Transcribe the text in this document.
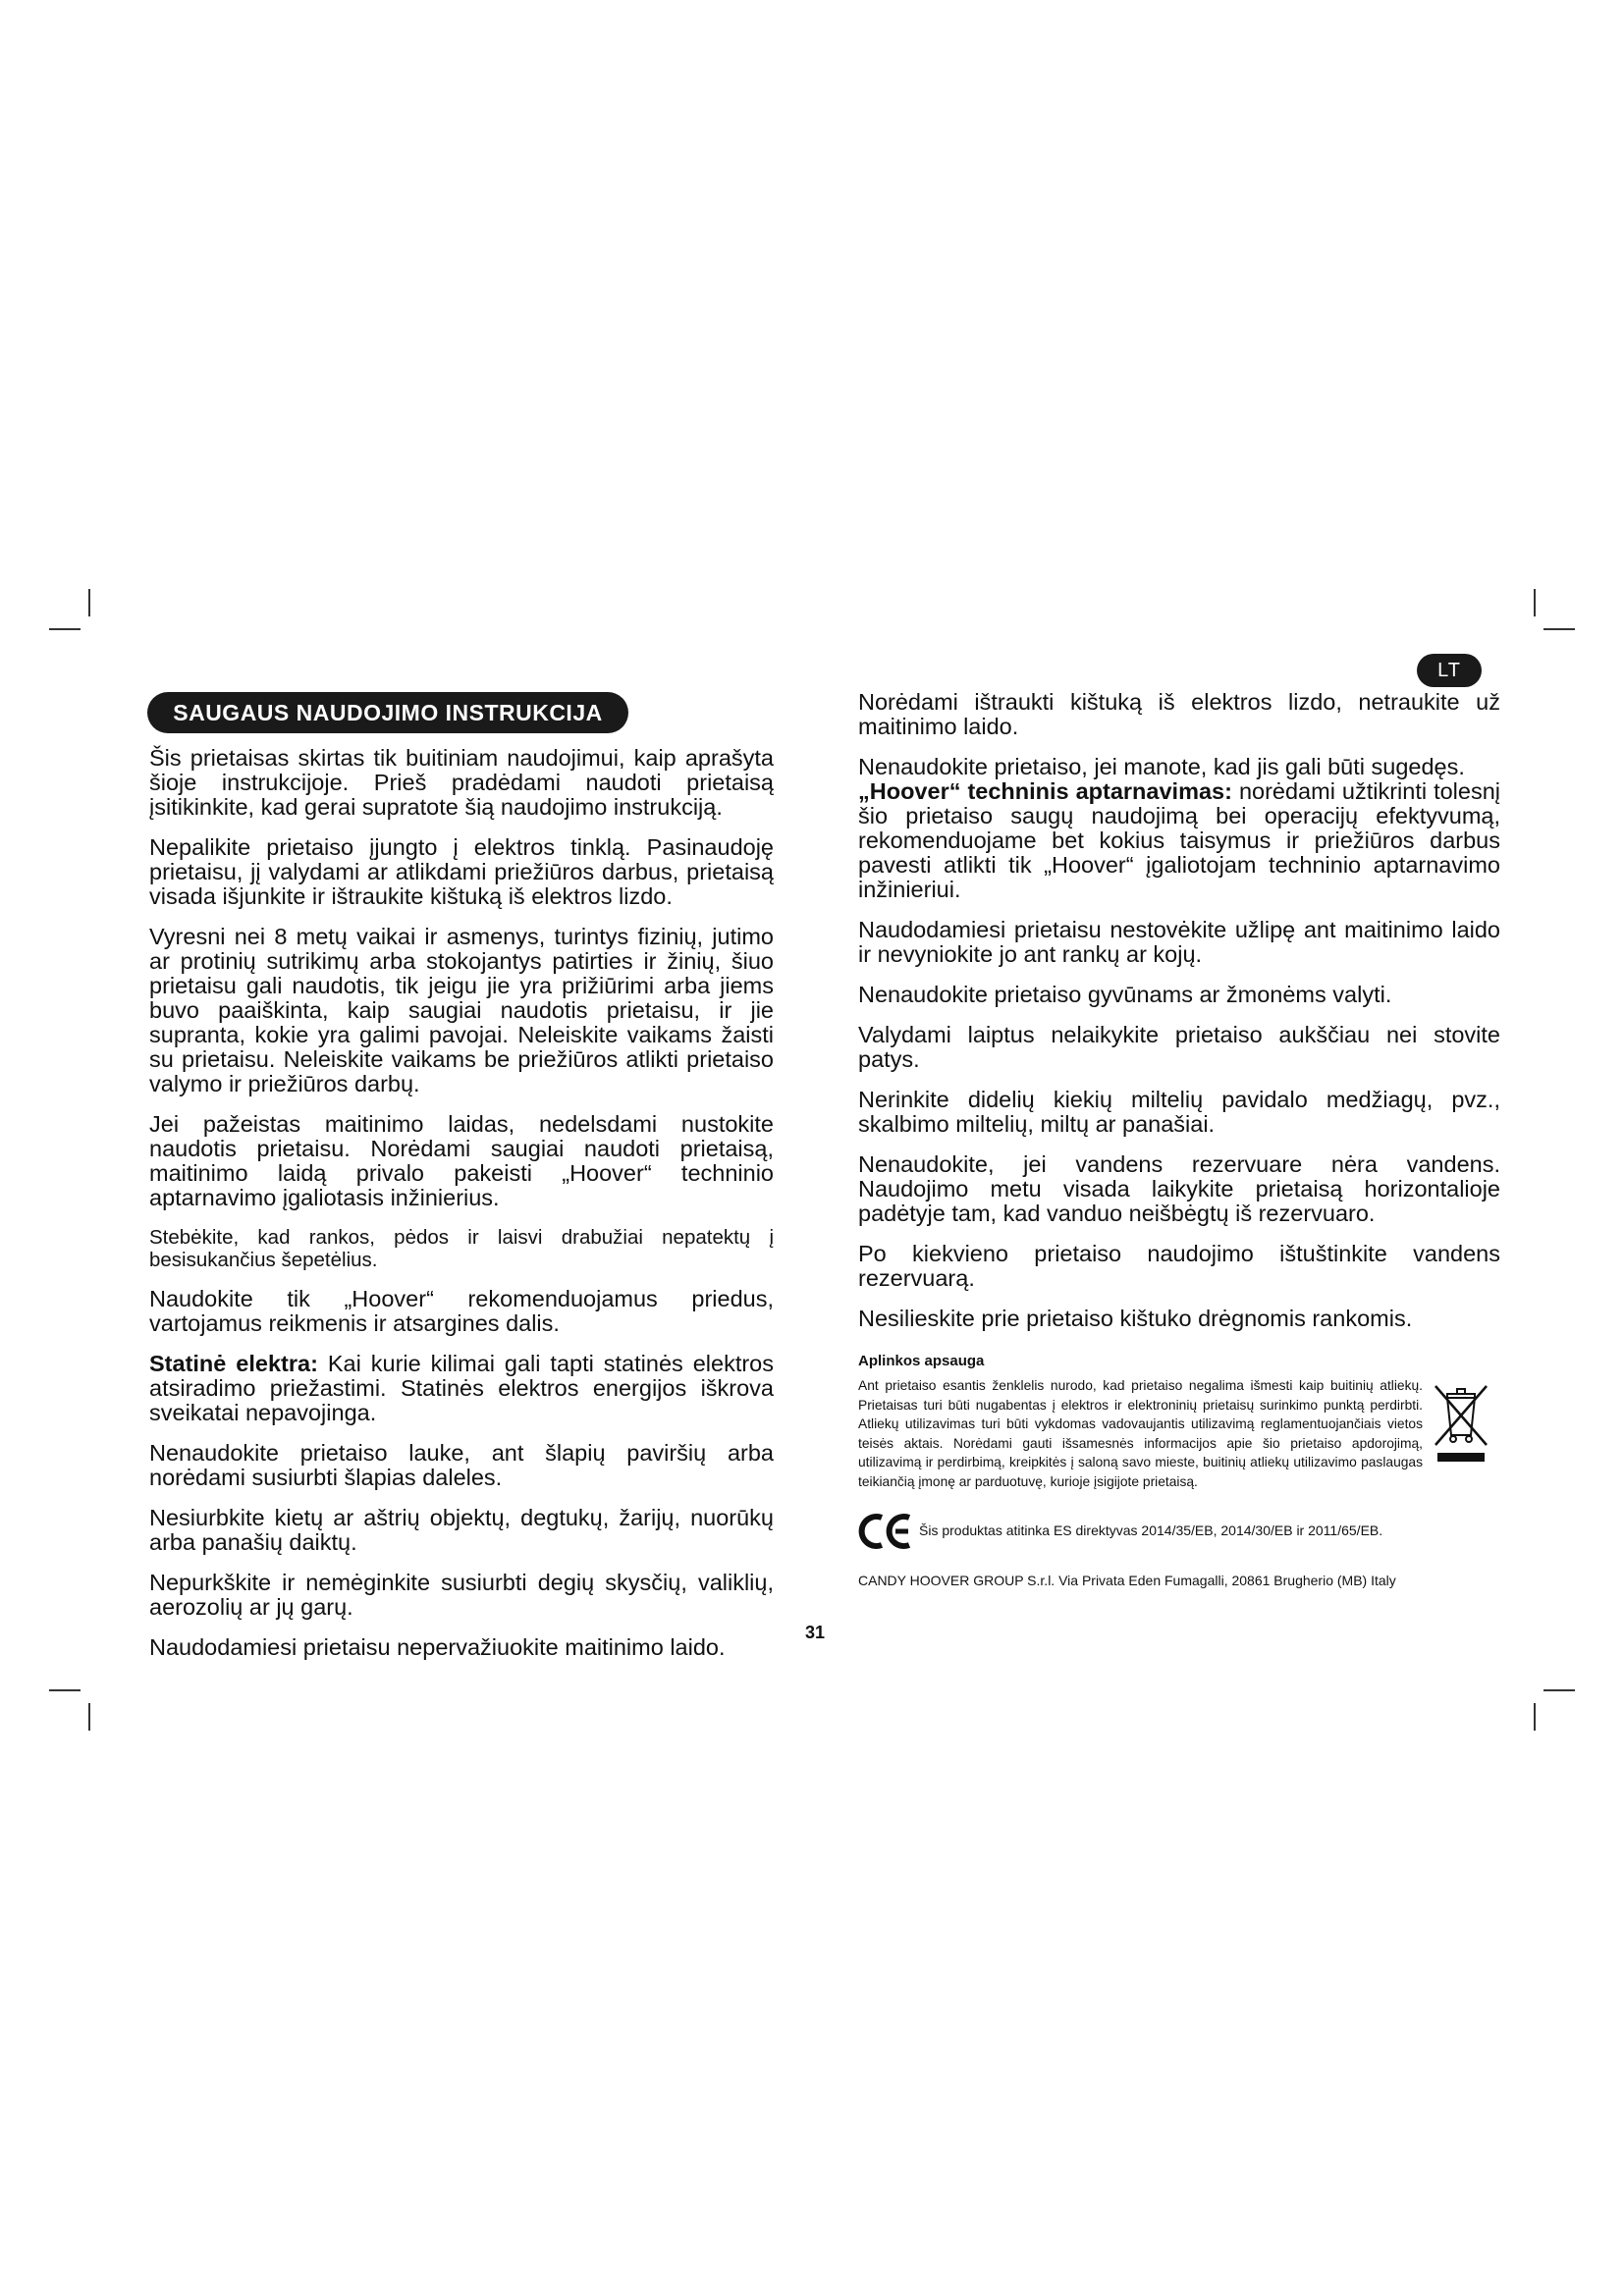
LT
SAUGAUS NAUDOJIMO INSTRUKCIJA

Šis prietaisas skirtas tik buitiniam naudojimui, kaip aprašyta šioje instrukcijoje. Prieš pradėdami naudoti prietaisą įsitikinkite, kad gerai supratote šią naudojimo instrukciją.

Nepalikite prietaiso įjungto į elektros tinklą. Pasinaudoję prietaisu, jį valydami ar atlikdami priežiūros darbus, prietaisą visada išjunkite ir ištraukite kištuką iš elektros lizdo.

Vyresni nei 8 metų vaikai ir asmenys, turintys fizinių, jutimo ar protinių sutrikimų arba stokojantys patirties ir žinių, šiuo prietaisu gali naudotis, tik jeigu jie yra prižiūrimi arba jiems buvo paaiškinta, kaip saugiai naudotis prietaisu, ir jie supranta, kokie yra galimi pavojai. Neleiskite vaikams žaisti su prietaisu. Neleiskite vaikams be priežiūros atlikti prietaiso valymo ir priežiūros darbų.

Jei pažeistas maitinimo laidas, nedelsdami nustokite naudotis prietaisu. Norėdami saugiai naudoti prietaisą, maitinimo laidą privalo pakeisti „Hoover“ techninio aptarnavimo įgaliotasis inžinierius.

Stebėkite, kad rankos, pėdos ir laisvi drabužiai nepatektų į besisukančius šepetėlius.

Naudokite tik „Hoover“ rekomenduojamus priedus, vartojamus reikmenis ir atsargines dalis.

Statinė elektra: Kai kurie kilimai gali tapti statinės elektros atsiradimo priežastimi. Statinės elektros energijos iškrova sveikatai nepavojinga.

Nenaudokite prietaiso lauke, ant šlapių paviršių arba norėdami susiurbti šlapias daleles.

Nesiurbkite kietų ar aštrių objektų, degtukų, žarijų, nuorūkų arba panašių daiktų.

Nepurkškite ir nemėginkite susiurbti degių skysčių, valiklių, aerozolių ar jų garų.

Naudodamiesi prietaisu nepervažiuokite maitinimo laido.

Norėdami ištraukti kištuką iš elektros lizdo, netraukite už maitinimo laido.

Nenaudokite prietaiso, jei manote, kad jis gali būti sugedęs.
„Hoover“ techninis aptarnavimas: norėdami užtikrinti tolesnį šio prietaiso saugų naudojimą bei operacijų efektyvumą, rekomenduojame bet kokius taisymus ir priežiūros darbus pavesti atlikti tik „Hoover“ įgaliotojam techninio aptarnavimo inžinieriui.

Naudodamiesi prietaisu nestovėkite užlipę ant maitinimo laido ir nevyniokite jo ant rankų ar kojų.

Nenaudokite prietaiso gyvūnams ar žmonėms valyti.

Valydami laiptus nelaikykite prietaiso aukščiau nei stovite patys.

Nerinkite didelių kiekių miltelių pavidalo medžiagų, pvz., skalbimo miltelių, miltų ar panašiai.

Nenaudokite, jei vandens rezervuare nėra vandens. Naudojimo metu visada laikykite prietaisą horizontalioje padėtyje tam, kad vanduo neišbėgtų iš rezervuaro.

Po kiekvieno prietaiso naudojimo ištuštinkite vandens rezervuarą.

Nesilieskite prie prietaiso kištuko drėgnomis rankomis.

Aplinkos apsauga

Ant prietaiso esantis ženklelis nurodo, kad prietaiso negalima išmesti kaip buitinių atliekų. Prietaisas turi būti nugabentas į elektros ir elektroninių prietaisų surinkimo punktą perdirbti. Atliekų utilizavimas turi būti vykdomas vadovaujantis utilizavimą reglamentuojančiais vietos teisės aktais. Norėdami gauti išsamesnės informacijos apie šio prietaiso apdorojimą, utilizavimą ir perdirbimą, kreipkitės į saloną savo mieste, buitinių atliekų utilizavimo paslaugas teikiančią įmonę ar parduotuvę, kurioje įsigijote prietaisą.

Šis produktas atitinka ES direktyvas 2014/35/EB, 2014/30/EB ir 2011/65/EB.
CANDY HOOVER GROUP S.r.l. Via Privata Eden Fumagalli, 20861 Brugherio (MB) Italy
31
